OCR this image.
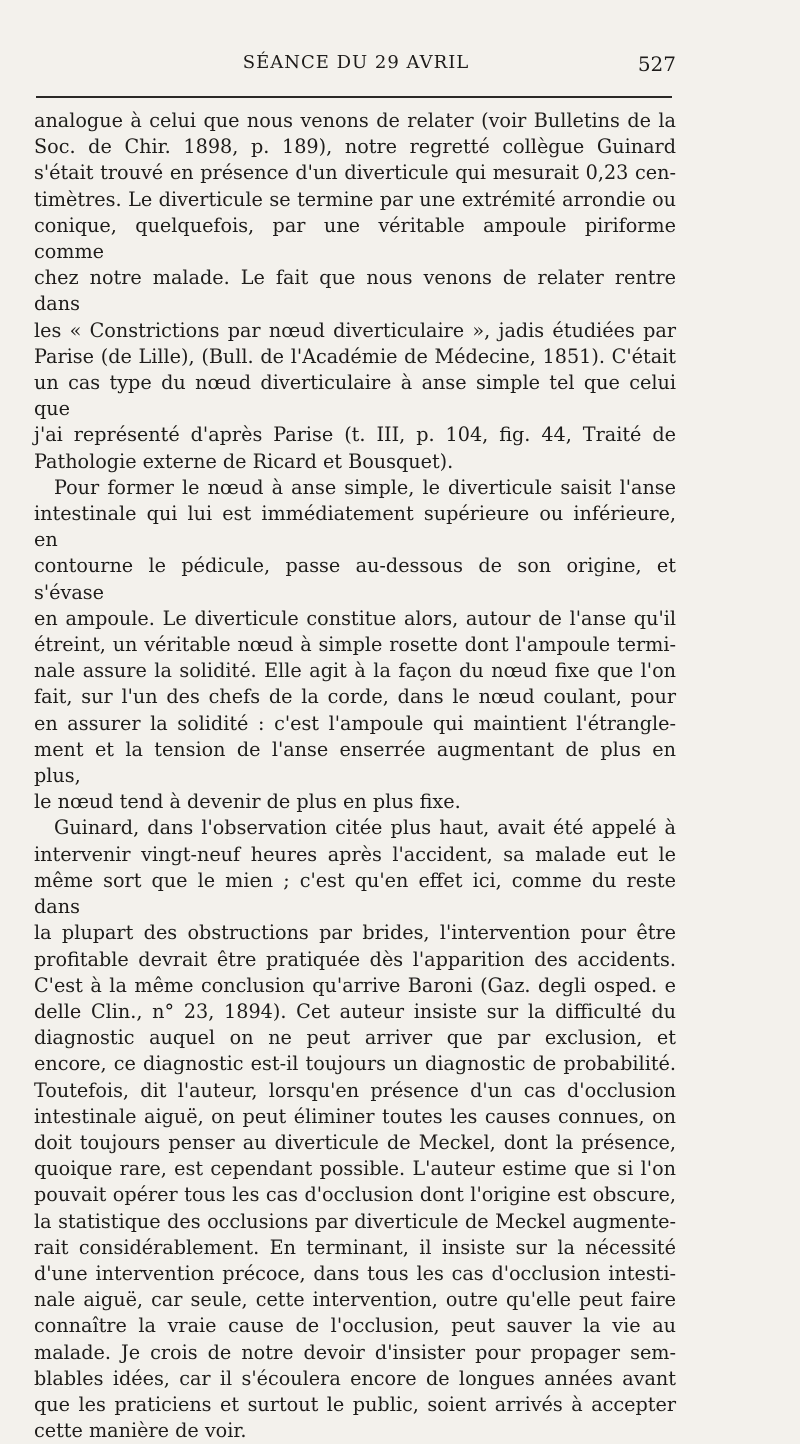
SÉANCE DU 29 AVRIL	527

analogue à celui que nous venons de relater (voir Bulletins de la

Soc. de Chir. 1898, p. 189), notre regretté collègue Guinard

s'était trouvé en présence d'un diverticule qui mesurait 0,23 cen-

timètres. Le diverticule se termine par une extrémité arrondie ou

conique, quelquefois, par une véritable ampoule piriforme comme

chez notre malade. Le fait que nous venons de relater rentre dans

les « Constrictions par nœud diverticulaire », jadis étudiées par

Parise (de Lille), (Bull. de l'Académie de Médecine, 1851). C'était

un cas type du nœud diverticulaire à anse simple tel que celui que

j'ai représenté d'après Parise (t. III, p. 104, fig. 44, Traité de

Pathologie externe de Ricard et Bousquet).

Pour former le nœud à anse simple, le diverticule saisit l'anse

intestinale qui lui est immédiatement supérieure ou inférieure, en

contourne le pédicule, passe au-dessous de son origine, et s'évase

en ampoule. Le diverticule constitue alors, autour de l'anse qu'il

étreint, un véritable nœud à simple rosette dont l'ampoule termi-

nale assure la solidité. Elle agit à la façon du nœud fixe que l'on

fait, sur l'un des chefs de la corde, dans le nœud coulant, pour

en assurer la solidité : c'est l'ampoule qui maintient l'étrangle-

ment et la tension de l'anse enserrée augmentant de plus en plus,

le nœud tend à devenir de plus en plus fixe.

Guinard, dans l'observation citée plus haut, avait été appelé à

intervenir vingt-neuf heures après l'accident, sa malade eut le

même sort que le mien ; c'est qu'en effet ici, comme du reste dans

la plupart des obstructions par brides, l'intervention pour être

profitable devrait être pratiquée dès l'apparition des accidents.

C'est à la même conclusion qu'arrive Baroni (Gaz. degli osped. e

delle Clin., n° 23, 1894). Cet auteur insiste sur la difficulté du

diagnostic auquel on ne peut arriver que par exclusion, et

encore, ce diagnostic est-il toujours un diagnostic de probabilité.

Toutefois, dit l'auteur, lorsqu'en présence d'un cas d'occlusion

intestinale aiguë, on peut éliminer toutes les causes connues, on

doit toujours penser au diverticule de Meckel, dont la présence,

quoique rare, est cependant possible. L'auteur estime que si l'on

pouvait opérer tous les cas d'occlusion dont l'origine est obscure,

la statistique des occlusions par diverticule de Meckel augmente-

rait considérablement. En terminant, il insiste sur la nécessité

d'une intervention précoce, dans tous les cas d'occlusion intesti-

nale aiguë, car seule, cette intervention, outre qu'elle peut faire

connaître la vraie cause de l'occlusion, peut sauver la vie au

malade. Je crois de notre devoir d'insister pour propager sem-

blables idées, car il s'écoulera encore de longues années avant

que les praticiens et surtout le public, soient arrivés à accepter

cette manière de voir.
